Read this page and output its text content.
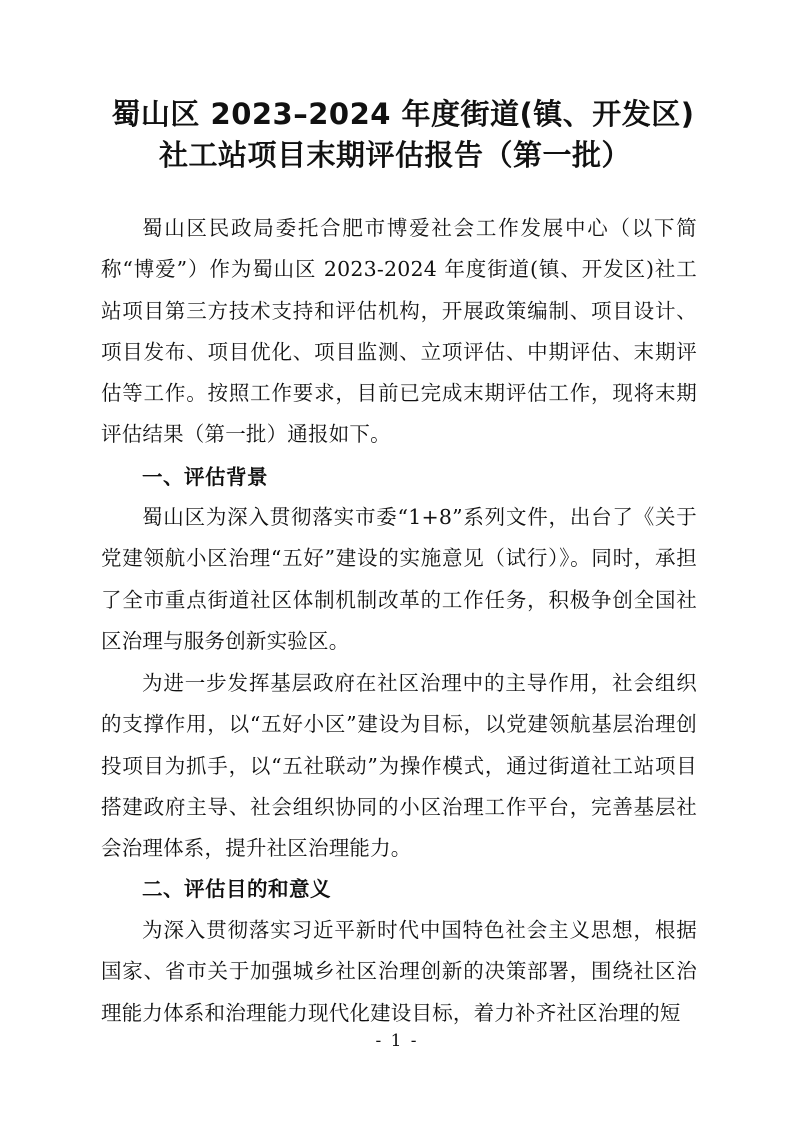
蜀山区 2023–2024 年度街道(镇、开发区)
社工站项目末期评估报告（第一批）

蜀山区民政局委托合肥市博爱社会工作发展中心（以下简称“博爱”）作为蜀山区 2023-2024 年度街道(镇、开发区)社工站项目第三方技术支持和评估机构，开展政策编制、项目设计、项目发布、项目优化、项目监测、立项评估、中期评估、末期评估等工作。按照工作要求，目前已完成末期评估工作，现将末期评估结果（第一批）通报如下。

一、评估背景

蜀山区为深入贯彻落实市委“1+8”系列文件，出台了《关于党建领航小区治理“五好”建设的实施意见（试行）》。同时，承担了全市重点街道社区体制机制改革的工作任务，积极争创全国社区治理与服务创新实验区。

为进一步发挥基层政府在社区治理中的主导作用，社会组织的支撑作用，以“五好小区”建设为目标，以党建领航基层治理创投项目为抓手，以“五社联动”为操作模式，通过街道社工站项目搭建政府主导、社会组织协同的小区治理工作平台，完善基层社会治理体系，提升社区治理能力。

二、评估目的和意义

为深入贯彻落实习近平新时代中国特色社会主义思想，根据国家、省市关于加强城乡社区治理创新的决策部署，围绕社区治理能力体系和治理能力现代化建设目标，着力补齐社区治理的短

- 1 -
